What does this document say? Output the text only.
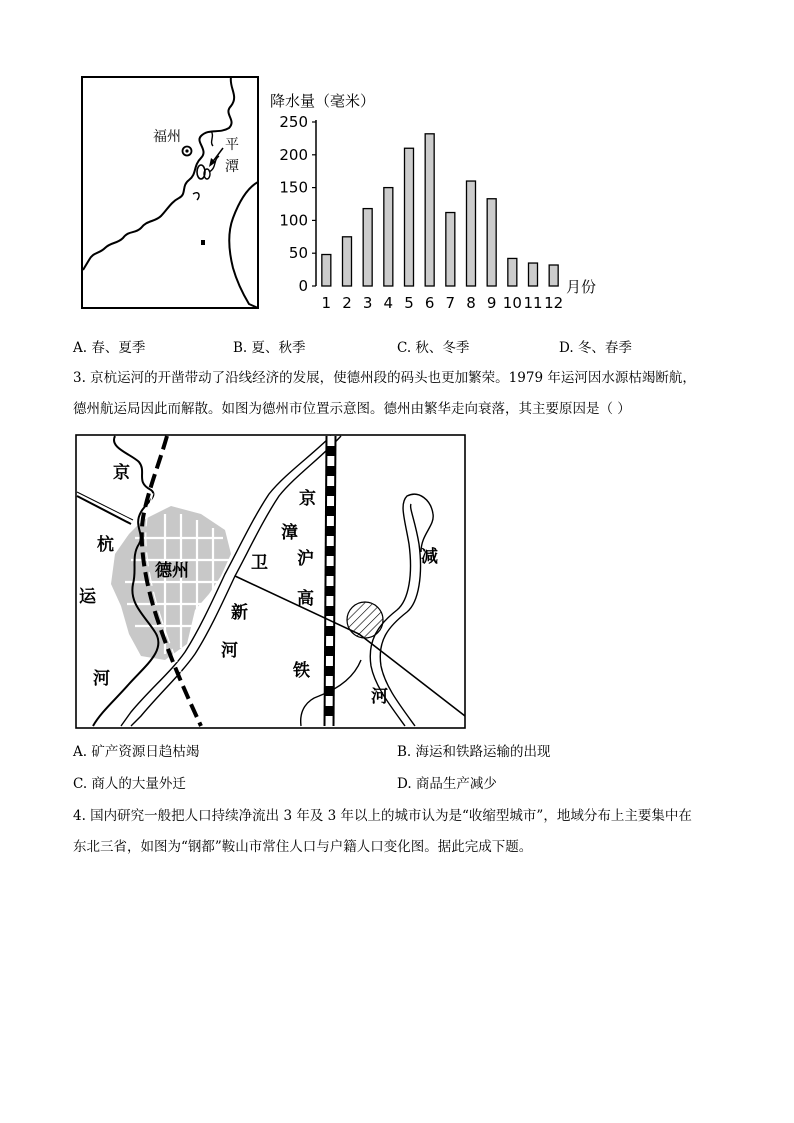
福州	平
潭
降水量（毫米）
0
50
100
150
200
250
1 2 3 4 5 6 7 8 9 10 11 12
月份
A. 春、夏季	B. 夏、秋季	C. 秋、冬季	D. 冬、春季
3. 京杭运河的开凿带动了沿线经济的发展，使德州段的码头也更加繁荣。1979 年运河因水源枯竭断航，
德州航运局因此而解散。如图为德州市位置示意图。德州由繁华走向衰落，其主要原因是（ ）
京
杭
运
河
德州	卫
新
河
京
漳
沪
高
铁
减
河
A. 矿产资源日趋枯竭	B. 海运和铁路运输的出现
C. 商人的大量外迁	D. 商品生产减少
4. 国内研究一般把人口持续净流出 3 年及 3 年以上的城市认为是“收缩型城市”，地域分布上主要集中在
东北三省，如图为“钢都”鞍山市常住人口与户籍人口变化图。据此完成下题。
